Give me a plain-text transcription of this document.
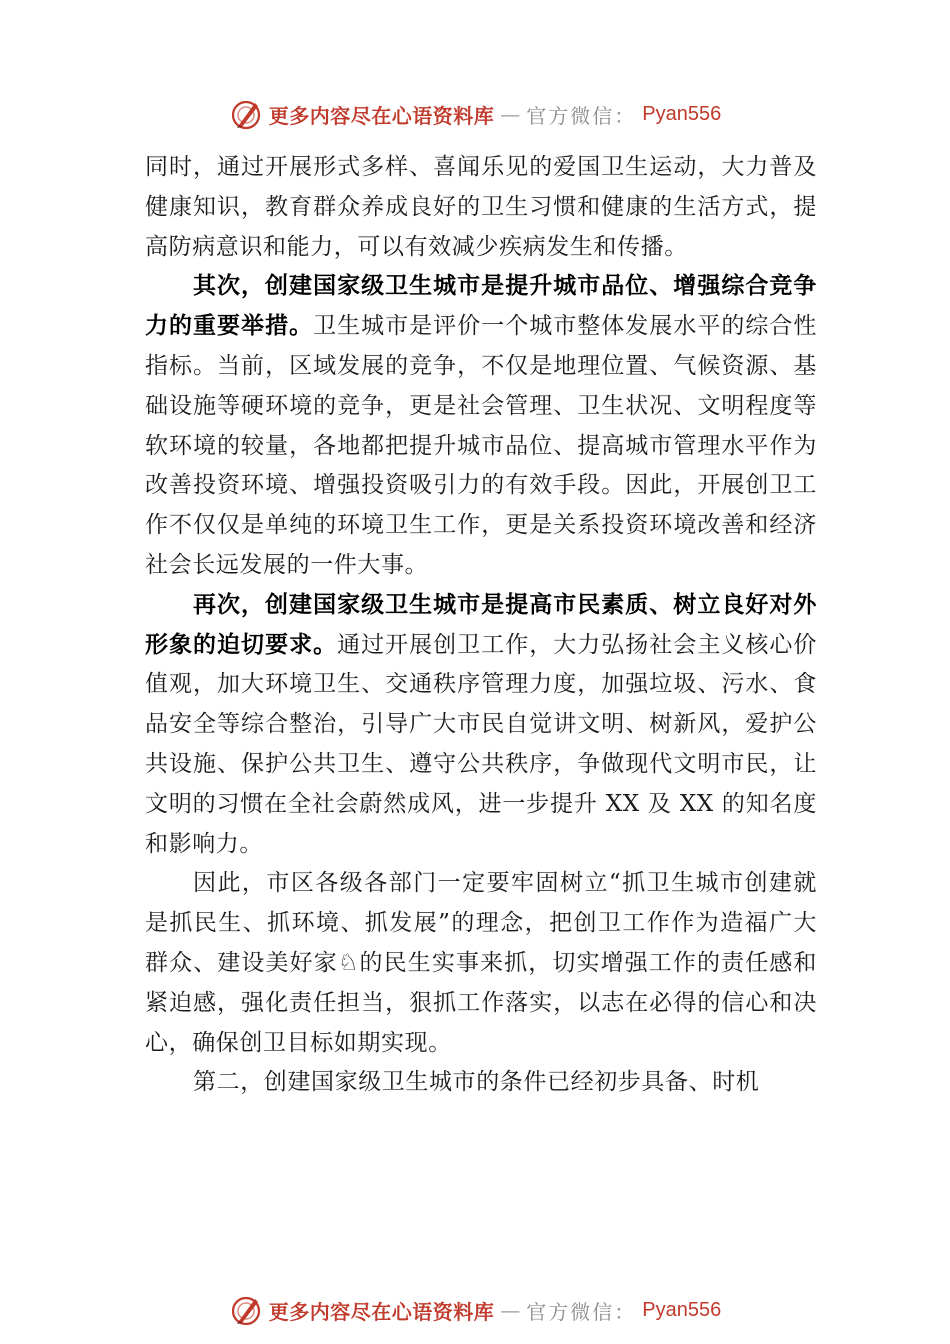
更多内容尽在心语资料库 — 官方微信： Pyan556

同时，通过开展形式多样、喜闻乐见的爱国卫生运动，大力普及健康知识，教育群众养成良好的卫生习惯和健康的生活方式，提高防病意识和能力，可以有效减少疾病发生和传播。

其次，创建国家级卫生城市是提升城市品位、增强综合竞争力的重要举措。卫生城市是评价一个城市整体发展水平的综合性指标。当前，区域发展的竞争，不仅是地理位置、气候资源、基础设施等硬环境的竞争，更是社会管理、卫生状况、文明程度等软环境的较量，各地都把提升城市品位、提高城市管理水平作为改善投资环境、增强投资吸引力的有效手段。因此，开展创卫工作不仅仅是单纯的环境卫生工作，更是关系投资环境改善和经济社会长远发展的一件大事。

再次，创建国家级卫生城市是提高市民素质、树立良好对外形象的迫切要求。通过开展创卫工作，大力弘扬社会主义核心价值观，加大环境卫生、交通秩序管理力度，加强垃圾、污水、食品安全等综合整治，引导广大市民自觉讲文明、树新风，爱护公共设施、保护公共卫生、遵守公共秩序，争做现代文明市民，让文明的习惯在全社会蔚然成风，进一步提升 XX 及 XX 的知名度和影响力。

因此，市区各级各部门一定要牢固树立“抓卫生城市创建就是抓民生、抓环境、抓发展”的理念，把创卫工作作为造福广大群众、建设美好家♘的民生实事来抓，切实增强工作的责任感和紧迫感，强化责任担当，狠抓工作落实，以志在必得的信心和决心，确保创卫目标如期实现。

第二，创建国家级卫生城市的条件已经初步具备、时机

更多内容尽在心语资料库 — 官方微信： Pyan556
